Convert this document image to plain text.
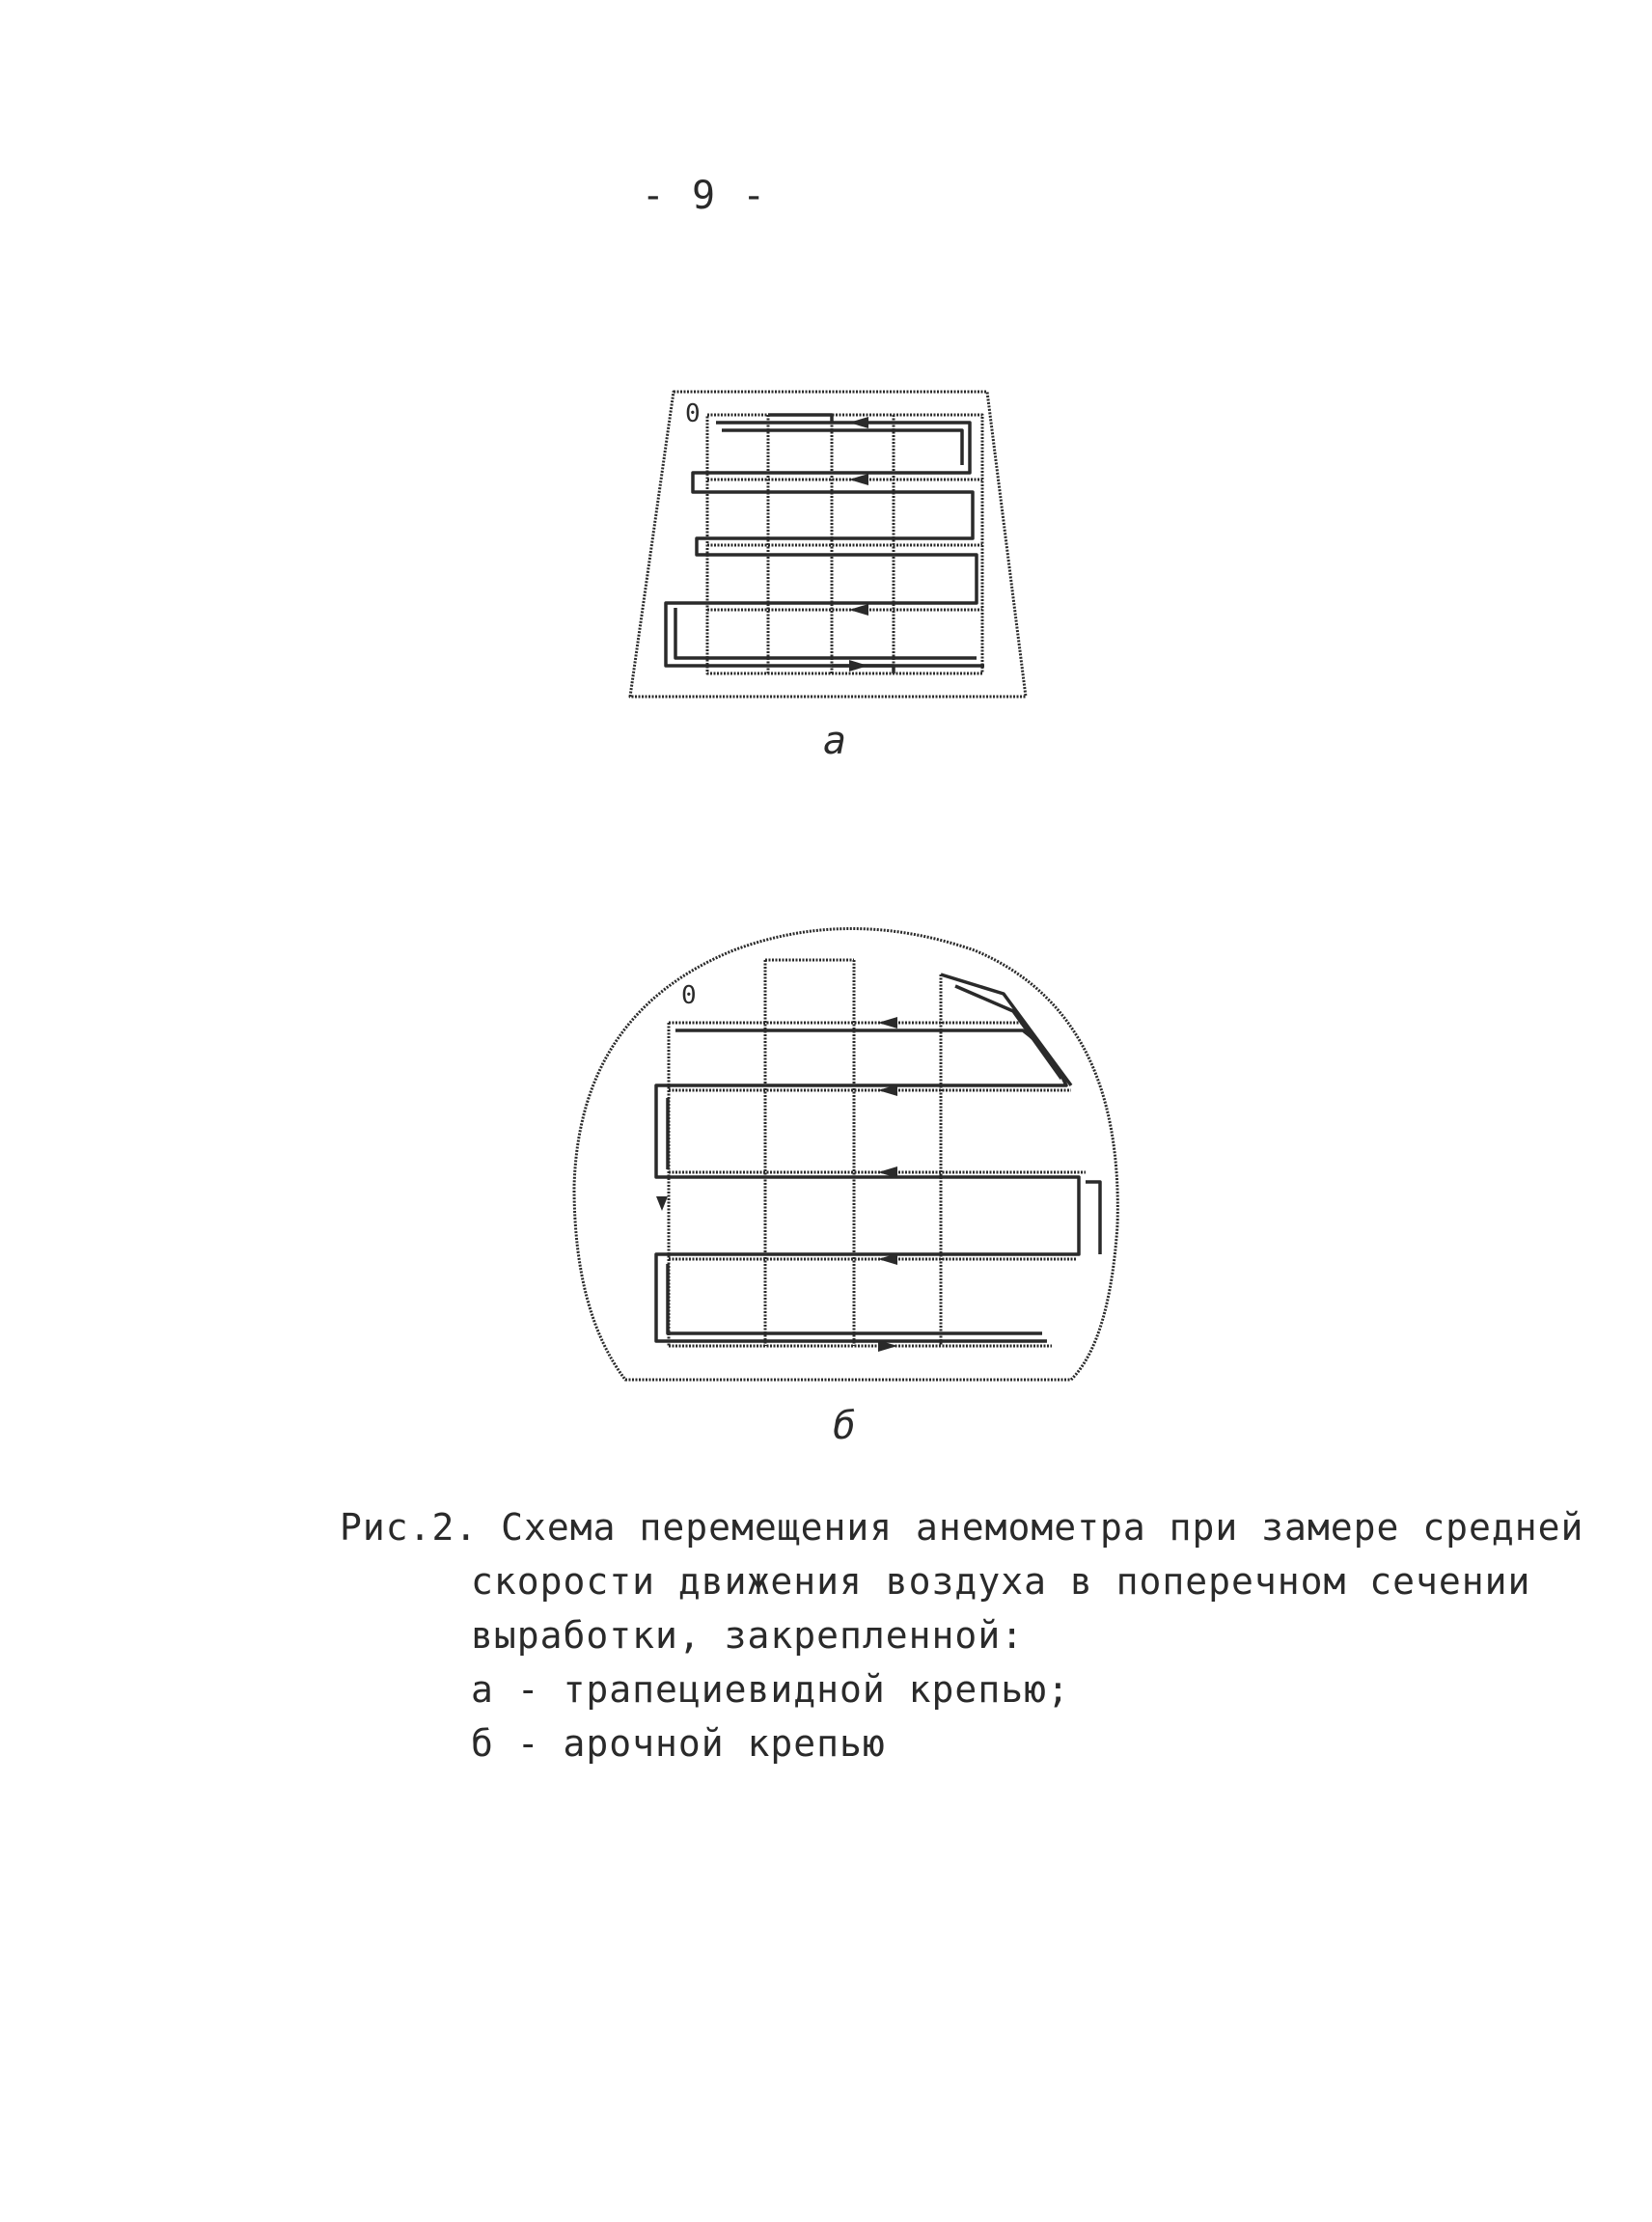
- 9 -
0
0
а
б
Рис.2. Схема перемещения анемометра при замере средней
скорости движения воздуха в поперечном сечении
выработки, закрепленной:
а - трапециевидной крепью;
б - арочной крепью
